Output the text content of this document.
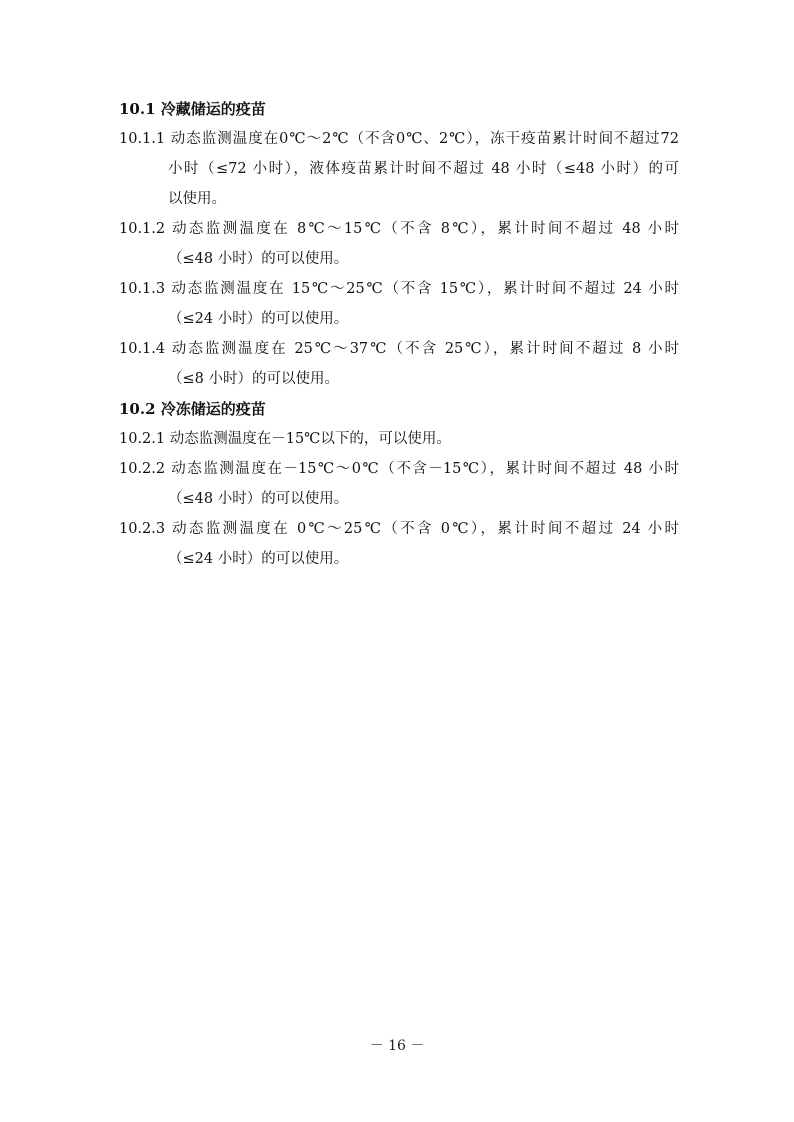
10.1 冷藏储运的疫苗

10.1.1 动态监测温度在0℃～2℃（不含0℃、2℃），冻干疫苗累计时间不超过72
小时（≤72 小时），液体疫苗累计时间不超过 48 小时（≤48 小时）的可
以使用。
10.1.2 动态监测温度在 8℃～15℃（不含 8℃），累计时间不超过 48 小时
（≤48 小时）的可以使用。
10.1.3 动态监测温度在 15℃～25℃（不含 15℃），累计时间不超过 24 小时
（≤24 小时）的可以使用。
10.1.4 动态监测温度在 25℃～37℃（不含 25℃），累计时间不超过 8 小时
（≤8 小时）的可以使用。

10.2 冷冻储运的疫苗

10.2.1 动态监测温度在－15℃以下的，可以使用。
10.2.2 动态监测温度在－15℃～0℃（不含－15℃），累计时间不超过 48 小时
（≤48 小时）的可以使用。
10.2.3 动态监测温度在 0℃～25℃（不含 0℃），累计时间不超过 24 小时
（≤24 小时）的可以使用。
－ 16 －
